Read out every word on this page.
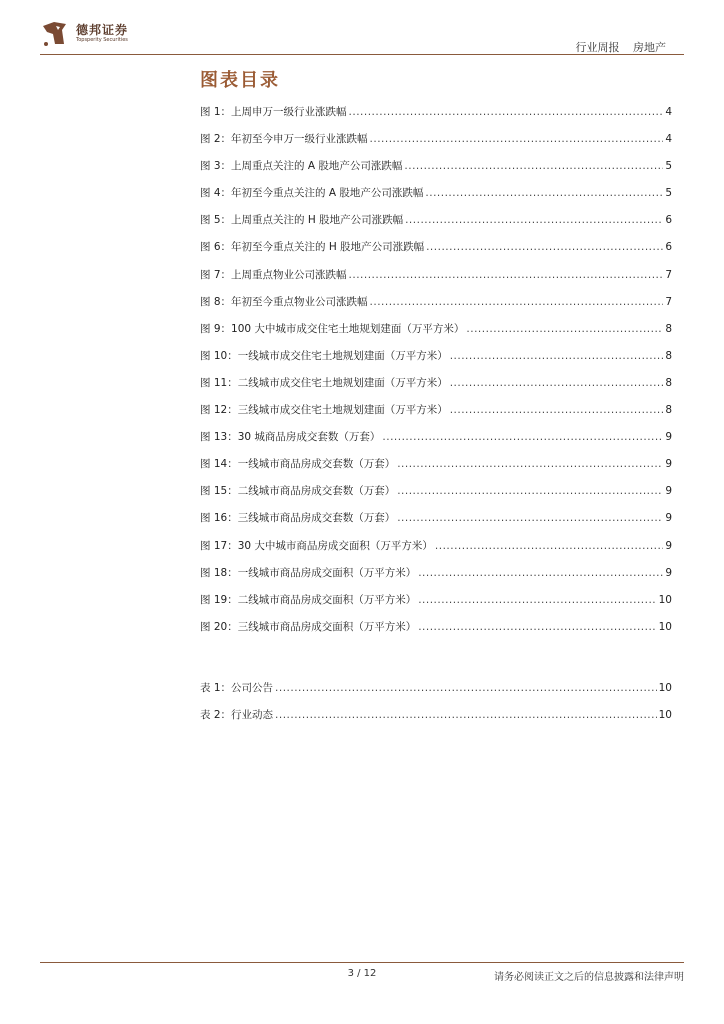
德邦证券
Topsperity Securities
行业周报 房地产
图表目录
图 1：上周申万一级行业涨跌幅 .....	4
图 2：年初至今申万一级行业涨跌幅 .....	4
图 3：上周重点关注的 A 股地产公司涨跌幅 .....	5
图 4：年初至今重点关注的 A 股地产公司涨跌幅 .....	5
图 5：上周重点关注的 H 股地产公司涨跌幅 .....	6
图 6：年初至今重点关注的 H 股地产公司涨跌幅 .....	6
图 7：上周重点物业公司涨跌幅 .....	7
图 8：年初至今重点物业公司涨跌幅 .....	7
图 9：100 大中城市成交住宅土地规划建面（万平方米） .....	8
图 10：一线城市成交住宅土地规划建面（万平方米） .....	8
图 11：二线城市成交住宅土地规划建面（万平方米） .....	8
图 12：三线城市成交住宅土地规划建面（万平方米） .....	8
图 13：30 城商品房成交套数（万套） .....	9
图 14：一线城市商品房成交套数（万套） .....	9
图 15：二线城市商品房成交套数（万套） .....	9
图 16：三线城市商品房成交套数（万套） .....	9
图 17：30 大中城市商品房成交面积（万平方米） .....	9
图 18：一线城市商品房成交面积（万平方米） .....	9
图 19：二线城市商品房成交面积（万平方米） .....	10
图 20：三线城市商品房成交面积（万平方米） .....	10
表 1：公司公告 .....	10
表 2：行业动态 .....	10
3 / 12	请务必阅读正文之后的信息披露和法律声明
